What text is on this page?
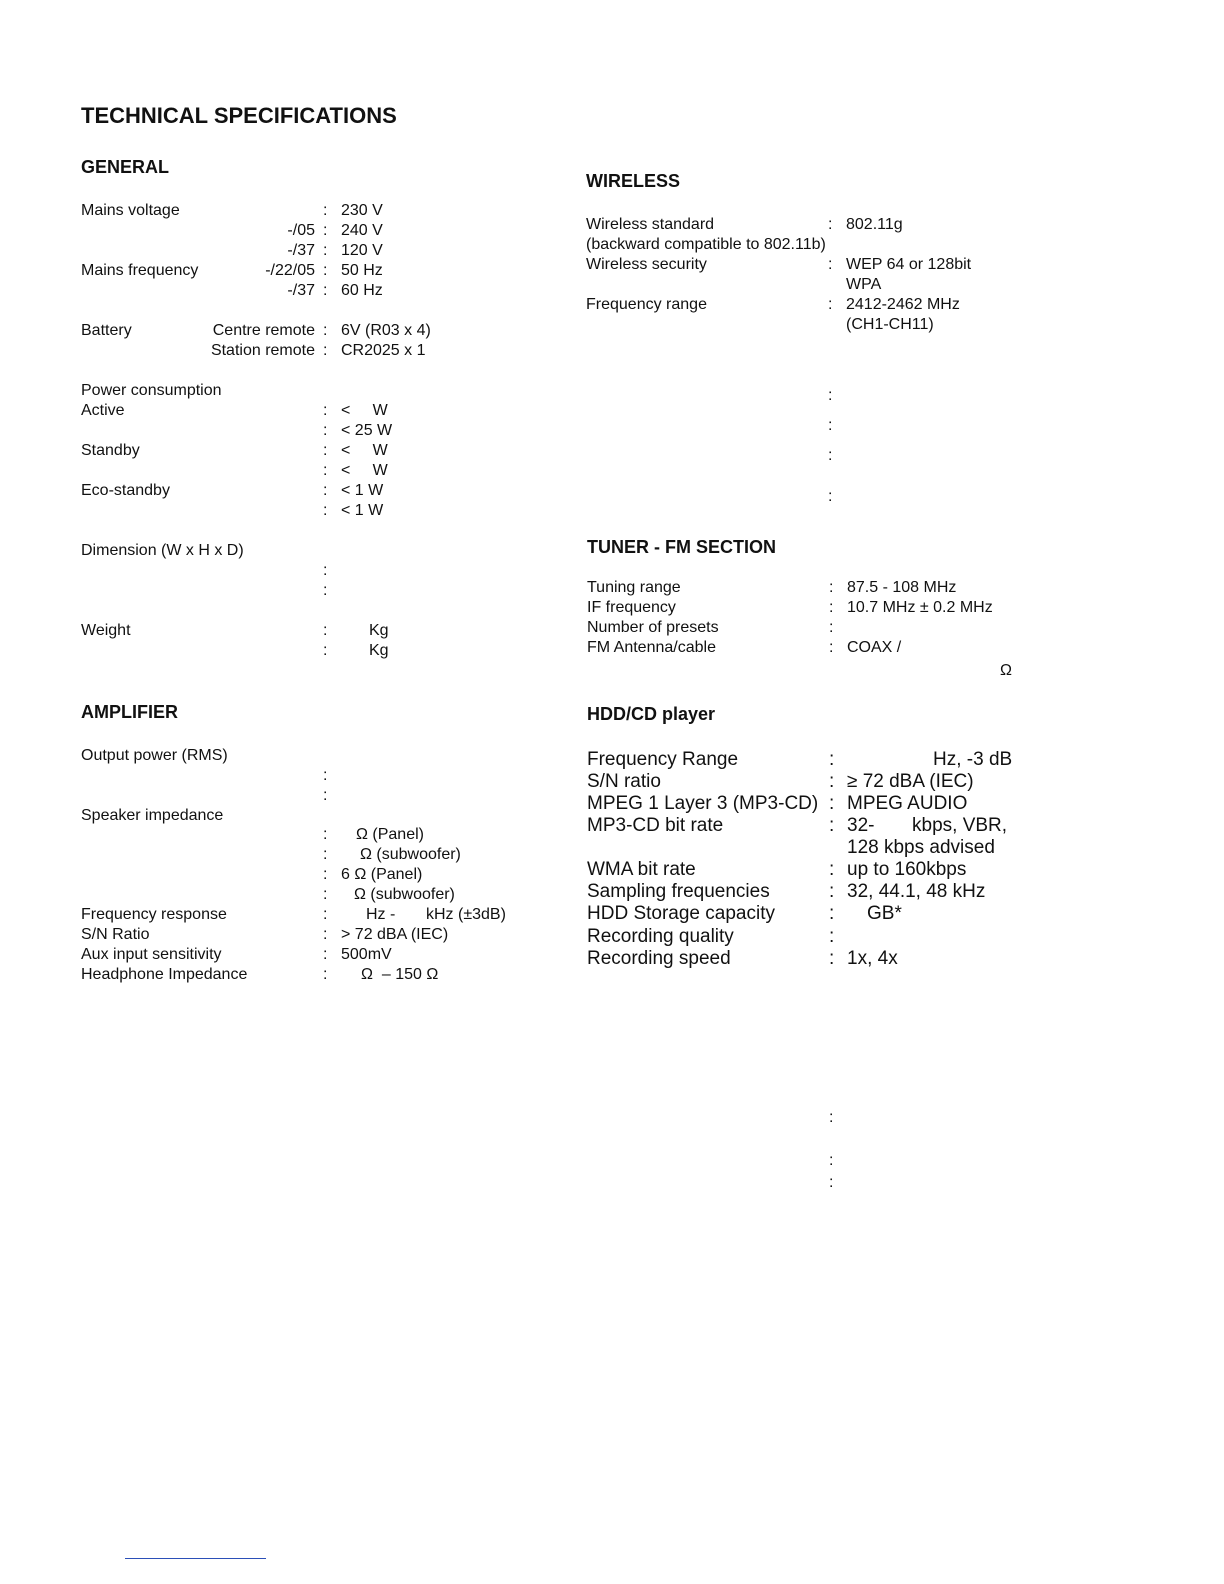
TECHNICAL SPECIFICATIONS
GENERAL
Mains voltage	: 230 V
-/05 : 240 V
-/37 : 120 V
Mains frequency	-/22/05 : 50 Hz
-/37 : 60 Hz
Battery	Centre remote : 6V (R03 x 4)
Station remote : CR2025 x 1
Power consumption
Active	: <     W
: < 25 W
Standby	: <     W
: <     W
Eco-standby	: < 1 W
: < 1 W
Dimension (W x H x D)
:
:
Weight	:	Kg
:	Kg
AMPLIFIER
Output power (RMS)
:
:
Speaker impedance
: Ω (Panel)
: Ω (subwoofer)
: 6 Ω (Panel)
: Ω (subwoofer)
Frequency response	: Hz - kHz (±3dB)
S/N Ratio	: > 72 dBA (IEC)
Aux input sensitivity	: 500mV
Headphone Impedance	: Ω  – 150 Ω
WIRELESS
Wireless standard	: 802.11g
(backward compatible to 802.11b)
Wireless security	: WEP 64 or 128bit
WPA
Frequency range	: 2412-2462 MHz
(CH1-CH11)
:
:
:
:
TUNER - FM SECTION
Tuning range	: 87.5 - 108 MHz
IF frequency	: 10.7 MHz ± 0.2 MHz
Number of presets	:
FM Antenna/cable	: COAX /
Ω
HDD/CD player
Frequency Range	:	Hz, -3 dB
S/N ratio	: ≥ 72 dBA (IEC)
MPEG 1 Layer 3 (MP3-CD) : MPEG AUDIO
MP3-CD bit rate	: 32- kbps, VBR,
128 kbps advised
WMA bit rate	: up to 160kbps
Sampling frequencies	: 32, 44.1, 48 kHz
HDD Storage capacity	: GB*
Recording quality	:
Recording speed	: 1x, 4x
:
:
:
